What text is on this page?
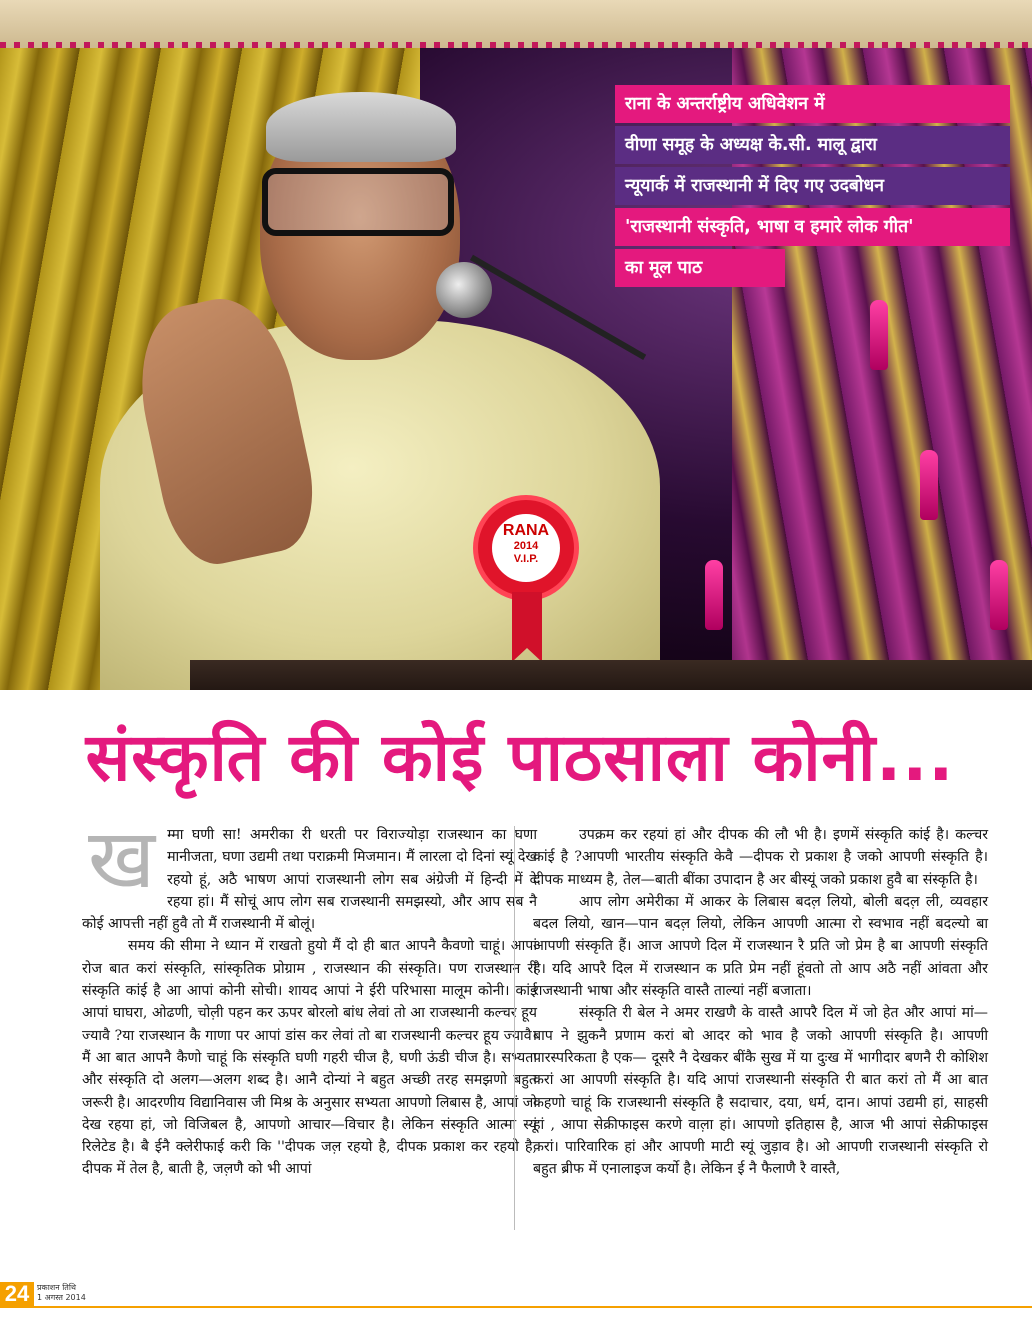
RANA
2014
V.I.P.
राना के अन्तर्राष्ट्रीय अधिवेशन में
वीणा समूह के अध्यक्ष के.सी. मालू द्वारा
न्यूयार्क में राजस्थानी में दिए गए उदबोधन
'राजस्थानी संस्कृति, भाषा व हमारे लोक गीत'
का मूल पाठ
संस्कृति की कोई पाठसाला कोनी...
ख म्मा घणी सा! अमरीका री धरती पर विराज्योड़ा राजस्थान का घणा मानीजता, घणा उद्यमी तथा पराक्रमी मिजमान। मैं लारला दो दिनां स्यूं देख रहयो हूं, अठै भाषण आपां राजस्थानी लोग सब अंग्रेजी में हिन्दी में दे रहया हां। मैं सोचूं आप लोग सब राजस्थानी समझस्यो, और आप सब नै कोई आपत्ती नहीं हुवै तो मैं राजस्थानी में बोलूं।

समय की सीमा ने ध्यान में राखतो हुयो मैं दो ही बात आपनै कैवणो चाहूं। आपां रोज बात करां संस्कृति, सांस्कृतिक प्रोग्राम , राजस्थान की संस्कृति। पण राजस्थान री संस्कृति कांई है आ आपां कोनी सोची। शायद आपां ने ईरी परिभासा मालूम कोनी। कांई आपां घाघरा, ओढणी, चोल़ी पहन कर ऊपर बोरलो बांध लेवां तो आ राजस्थानी कल्चर हूय ज्यावै ?या राजस्थान कै गाणा पर आपां डांस कर लेवां तो बा राजस्थानी कल्चर हूय ज्यावै। मैं आ बात आपनै कैणो चाहूं कि संस्कृति घणी गहरी चीज है, घणी ऊंडी चीज है। सभ्यता और संस्कृति दो अलग—अलग शब्द है। आनै दोन्यां ने बहुत अच्छी तरह समझणो बहुत जरूरी है। आदरणीय विद्यानिवास जी मिश्र के अनुसार सभ्यता आपणो लिबास है, आपां जो देख रहया हां, जो विजिबल है, आपणो आचार—विचार है। लेकिन संस्कृति आत्मा स्यूं रिलेटेड है। बै ईनै क्लेरीफाई करी कि ''दीपक जल़ रहयो है, दीपक प्रकाश कर रहयो है, दीपक में तेल है, बाती है, जल़णै को भी आपां

उपक्रम कर रहयां हां और दीपक की लौ भी है। इणमें संस्कृति कांई है। कल्चर कांई है ?आपणी भारतीय संस्कृति केवै —दीपक रो प्रकाश है जको आपणी संस्कृति है। दीपक माध्यम है, तेल—बाती बींका उपादान है अर बीस्यूं जको प्रकाश हुवै बा संस्कृति है।

आप लोग अमेरीका में आकर के लिबास बदल़ लियो, बोली बदल़ ली, व्यवहार बदल लियो, खान—पान बदल़ लियो, लेकिन आपणी आत्मा रो स्वभाव नहीं बदल्यो बा आपणी संस्कृति हैं। आज आपणे दिल में राजस्थान रै प्रति जो प्रेम है बा आपणी संस्कृति है। यदि आपरै दिल में राजस्थान क प्रति प्रेम नहीं हूंवतो तो आप अठै नहीं आंवता और राजस्थानी भाषा और संस्कृति वास्तै ताल्यां नहीं बजाता।

संस्कृति री बेल ने अमर राखणै के वास्तै आपरै दिल में जो हेत और आपां मां—बाप ने झुकनै प्रणाम करां बो आदर को भाव है जको आपणी संस्कृति है। आपणी पारस्परिकता है एक— दूसरै नै देखकर बींकै सुख में या दुःख में भागीदार बणनै री कोशिश करां आ आपणी संस्कृति है। यदि आपां राजस्थानी संस्कृति री बात करां तो मैं आ बात कहणो चाहूं कि राजस्थानी संस्कृति है सदाचार, दया, धर्म, दान। आपां उद्यमी हां, साहसी हां , आपा सेक्रीफाइस करणे वाल़ा हां। आपणो इतिहास है, आज भी आपां सेक्रीफाइस करां। पारिवारिक हां और आपणी माटी स्यूं जुड़ाव है। ओ आपणी राजस्थानी संस्कृति रो बहुत ब्रीफ में एनालाइज कर्यो है। लेकिन ई नै फैलाणै रै वास्तै,

24 प्रकाशन तिथि
1 अगस्त 2014
